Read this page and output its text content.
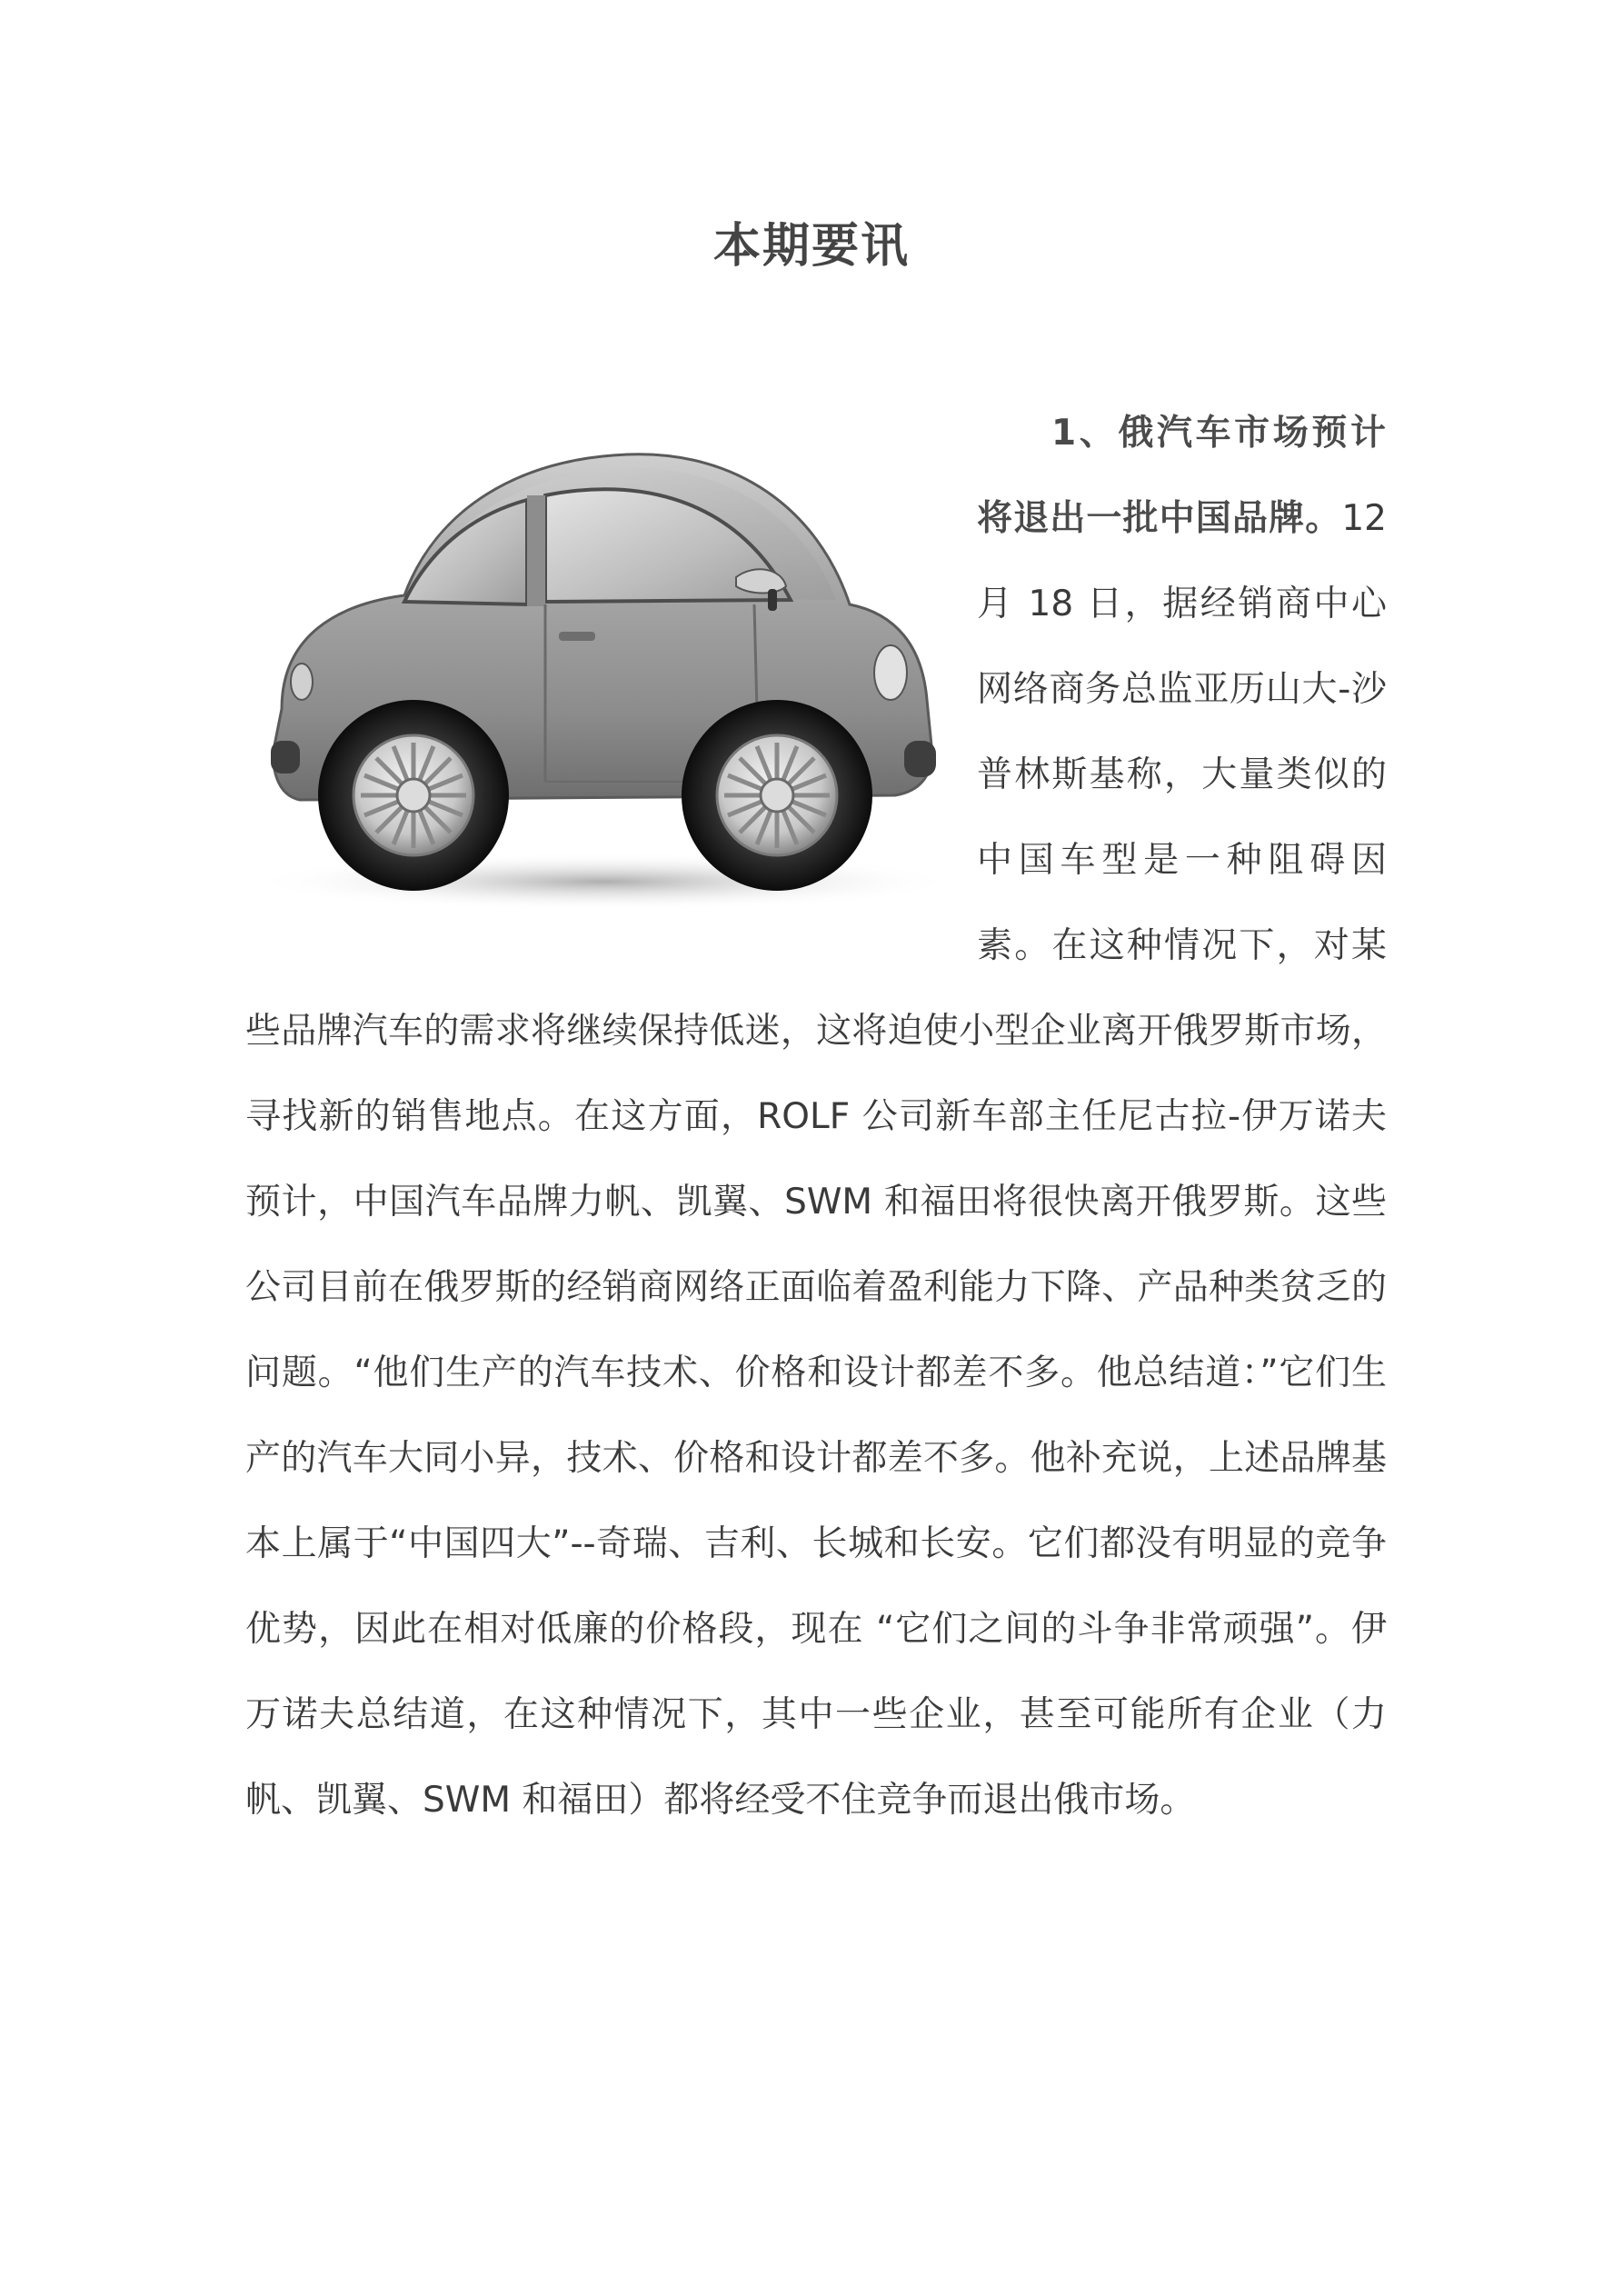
本期要讯
1、俄汽车市场预计将退出一批中国品牌。12 月 18 日，据经销商中心网络商务总监亚历山大-沙普林斯基称，大量类似的中国车型是一种阻碍因素。在这种情况下，对某些品牌汽车的需求将继续保持低迷，这将迫使小型企业离开俄罗斯市场，寻找新的销售地点。在这方面，ROLF 公司新车部主任尼古拉-伊万诺夫预计，中国汽车品牌力帆、凯翼、SWM 和福田将很快离开俄罗斯。这些公司目前在俄罗斯的经销商网络正面临着盈利能力下降、产品种类贫乏的问题。“他们生产的汽车技术、价格和设计都差不多。他总结道：”它们生产的汽车大同小异，技术、价格和设计都差不多。他补充说，上述品牌基本上属于“中国四大”--奇瑞、吉利、长城和长安。它们都没有明显的竞争优势，因此在相对低廉的价格段，现在 “它们之间的斗争非常顽强”。伊万诺夫总结道，在这种情况下，其中一些企业，甚至可能所有企业（力帆、凯翼、SWM 和福田）都将经受不住竞争而退出俄市场。
